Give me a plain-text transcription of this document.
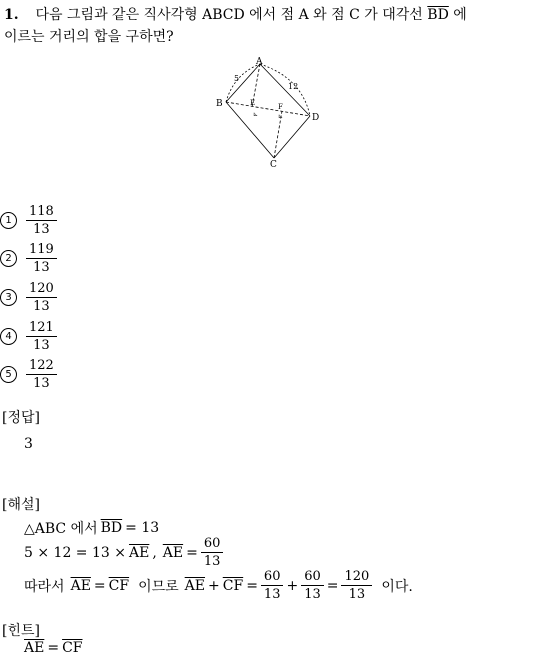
1. 다음 그림과 같은 직사각형 ABCD 에서 점 A 와 점 C 가 대각선 $\overline{BD}$ 에
이르는 거리의 합을 구하면?
A
B
C
D
E	F
5
12
⊾	⊾
1	$\frac{118}{13}$
2	$\frac{119}{13}$
3	$\frac{120}{13}$
4	$\frac{121}{13}$
5	$\frac{122}{13}$
[정답]
3
[해설]
△ABC 에서 $\overline{BD} = 13$
$5 \times 12 = 13 \times \overline{AE}$ , $\overline{AE} = \frac{60}{13}$
따라서 $\overline{AE} = \overline{CF}$ 이므로 $\overline{AE} + \overline{CF} = \frac{60}{13} + \frac{60}{13} = \frac{120}{13}$ 이다.
[힌트]
$\overline{AE} = \overline{CF}$
